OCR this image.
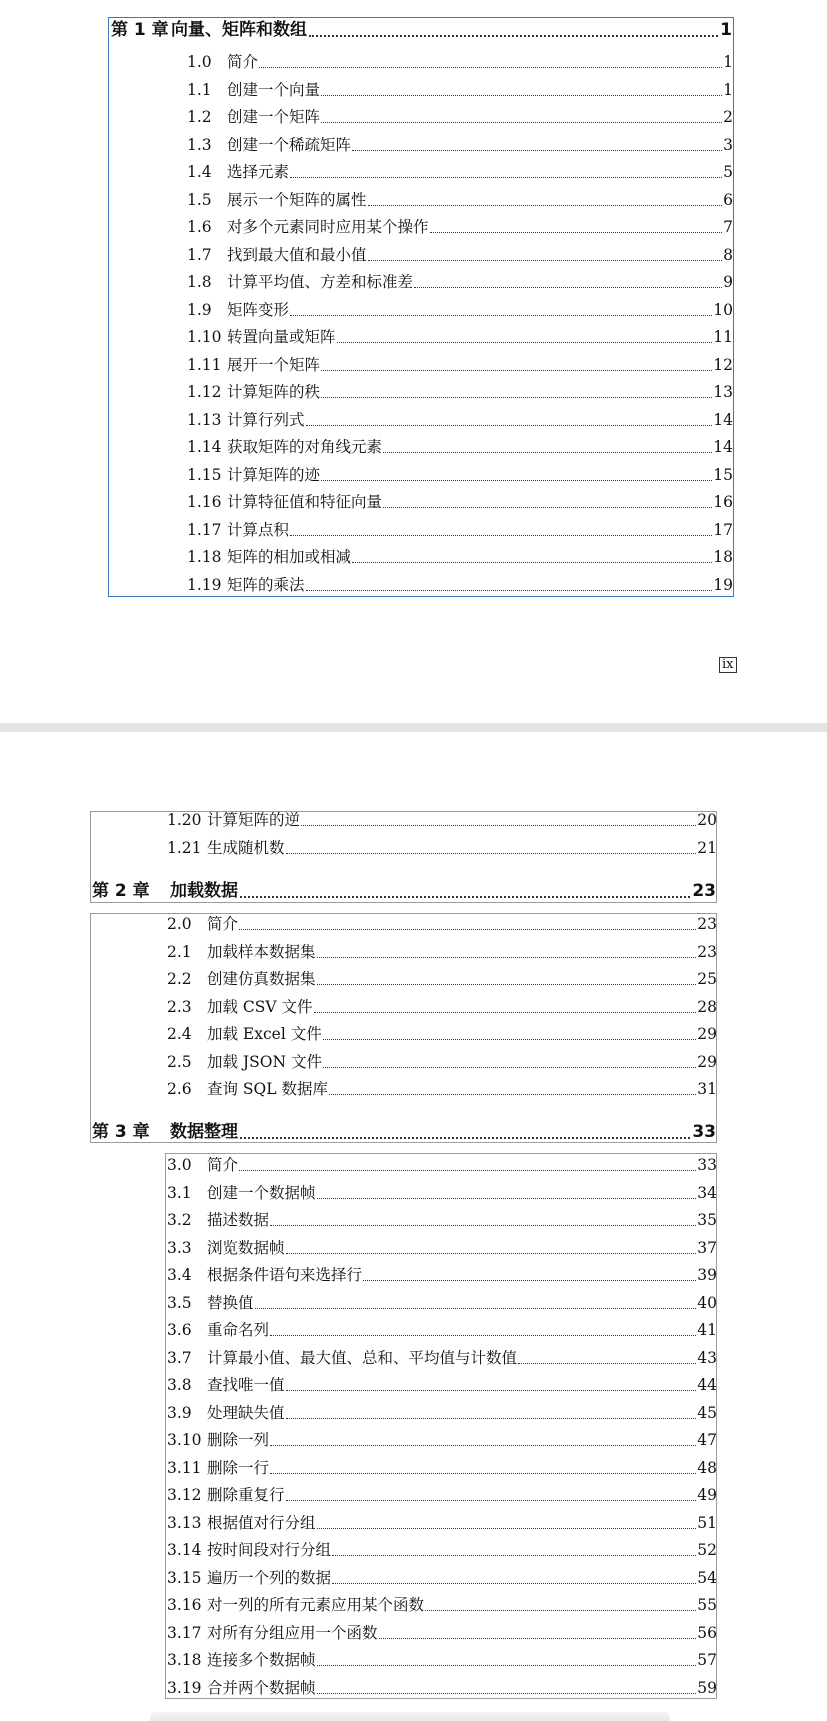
第 1 章 向量、矩阵和数组	1
1.0 简介	1
1.1 创建一个向量	1
1.2 创建一个矩阵	2
1.3 创建一个稀疏矩阵	3
1.4 选择元素	5
1.5 展示一个矩阵的属性	6
1.6 对多个元素同时应用某个操作	7
1.7 找到最大值和最小值	8
1.8 计算平均值、方差和标准差	9
1.9 矩阵变形	10
1.10 转置向量或矩阵	11
1.11 展开一个矩阵	12
1.12 计算矩阵的秩	13
1.13 计算行列式	14
1.14 获取矩阵的对角线元素	14
1.15 计算矩阵的迹	15
1.16 计算特征值和特征向量	16
1.17 计算点积	17
1.18 矩阵的相加或相减	18
1.19 矩阵的乘法	19
ix
1.20 计算矩阵的逆	20
1.21 生成随机数	21
第 2 章	加载数据	23
2.0 简介	23
2.1 加载样本数据集	23
2.2 创建仿真数据集	25
2.3 加载 CSV 文件	28
2.4 加载 Excel 文件	29
2.5 加载 JSON 文件	29
2.6 查询 SQL 数据库	31
第 3 章	数据整理	33
3.0 简介	33
3.1 创建一个数据帧	34
3.2 描述数据	35
3.3 浏览数据帧	37
3.4 根据条件语句来选择行	39
3.5 替换值	40
3.6 重命名列	41
3.7 计算最小值、最大值、总和、平均值与计数值	43
3.8 查找唯一值	44
3.9 处理缺失值	45
3.10 删除一列	47
3.11 删除一行	48
3.12 删除重复行	49
3.13 根据值对行分组	51
3.14 按时间段对行分组	52
3.15 遍历一个列的数据	54
3.16 对一列的所有元素应用某个函数	55
3.17 对所有分组应用一个函数	56
3.18 连接多个数据帧	57
3.19 合并两个数据帧	59
